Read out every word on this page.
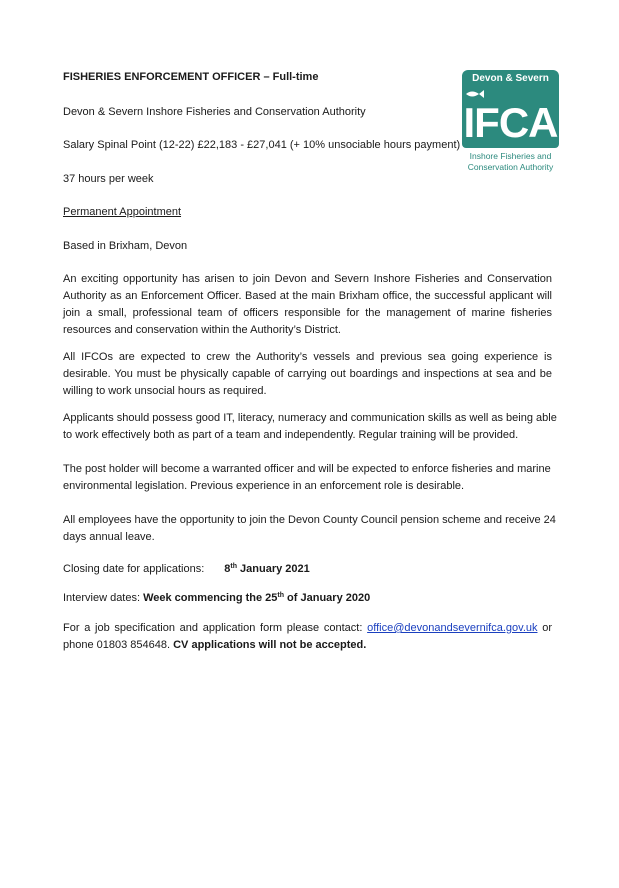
FISHERIES ENFORCEMENT OFFICER – Full-time

Devon & Severn Inshore Fisheries and Conservation Authority

Salary Spinal Point (12-22) £22,183 - £27,041 (+ 10% unsociable hours payment)

37 hours per week

Permanent Appointment

Based in Brixham, Devon

An exciting opportunity has arisen to join Devon and Severn Inshore Fisheries and Conservation Authority as an Enforcement Officer. Based at the main Brixham office, the successful applicant will join a small, professional team of officers responsible for the management of marine fisheries resources and conservation within the Authority’s District.

All IFCOs are expected to crew the Authority’s vessels and previous sea going experience is desirable. You must be physically capable of carrying out boardings and inspections at sea and be willing to work unsocial hours as required.

Applicants should possess good IT, literacy, numeracy and communication skills as well as being able to work effectively both as part of a team and independently. Regular training will be provided.

The post holder will become a warranted officer and will be expected to enforce fisheries and marine environmental legislation. Previous experience in an enforcement role is desirable.

All employees have the opportunity to join the Devon County Council pension scheme and receive 24 days annual leave.

Closing date for applications: 8th January 2021

Interview dates: Week commencing the 25th of January 2020

For a job specification and application form please contact: office@devonandsevernifca.gov.uk or phone 01803 854648. CV applications will not be accepted.

Devon & Severn
IFCA
Inshore Fisheries and
Conservation Authority
